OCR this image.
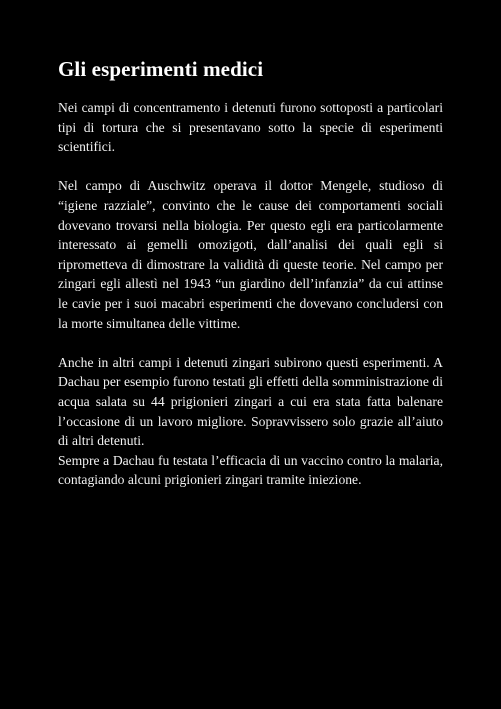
Gli esperimenti medici

Nei campi di concentramento i detenuti furono sottoposti a particolari tipi di tortura che si presentavano sotto la specie di esperimenti scientifici.

Nel campo di Auschwitz operava il dottor Mengele, studioso di “igiene razziale”, convinto che le cause dei comportamenti sociali dovevano trovarsi nella biologia. Per questo egli era particolarmente interessato ai gemelli omozigoti, dall’analisi dei quali egli si riprometteva di dimostrare la validità di queste teorie. Nel campo per zingari egli allestì nel 1943 “un giardino dell’infanzia” da cui attinse le cavie per i suoi macabri esperimenti che dovevano concludersi con la morte simultanea delle vittime.

Anche in altri campi i detenuti zingari subirono questi esperimenti. A Dachau per esempio furono testati gli effetti della somministrazione di acqua salata su 44 prigionieri zingari a cui era stata fatta balenare l’occasione di un lavoro migliore. Sopravvissero solo grazie all’aiuto di altri detenuti.

Sempre a Dachau fu testata l’efficacia di un vaccino contro la malaria, contagiando alcuni prigionieri zingari tramite iniezione.
